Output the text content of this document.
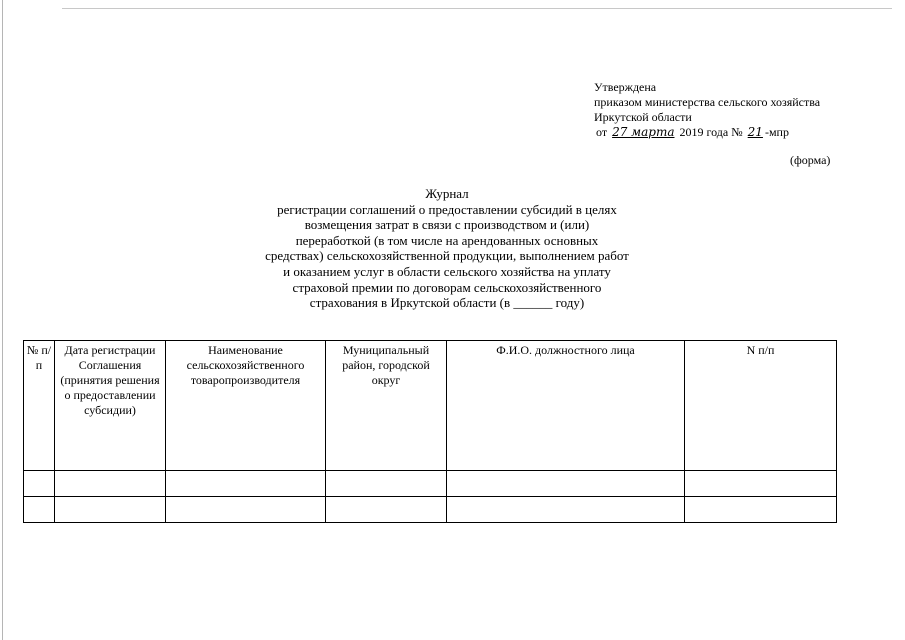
Утверждена
приказом министерства сельского хозяйства
Иркутской области
от 27 марта 2019 года № 21 -мпр
(форма)
Журнал
регистрации соглашений о предоставлении субсидий в целях
возмещения затрат в связи с производством и (или)
переработкой (в том числе на арендованных основных
средствах) сельскохозяйственной продукции, выполнением работ
и оказанием услуг в области сельского хозяйства на уплату
страховой премии по договорам сельскохозяйственного
страхования в Иркутской области (в ______ году)
№ п/п	Дата регистрации Соглашения (принятия решения о предоставлении субсидии)	Наименование сельскохозяйственного товаропроизводителя	Муниципальный район, городской округ	Ф.И.О. должностного лица	N п/п
